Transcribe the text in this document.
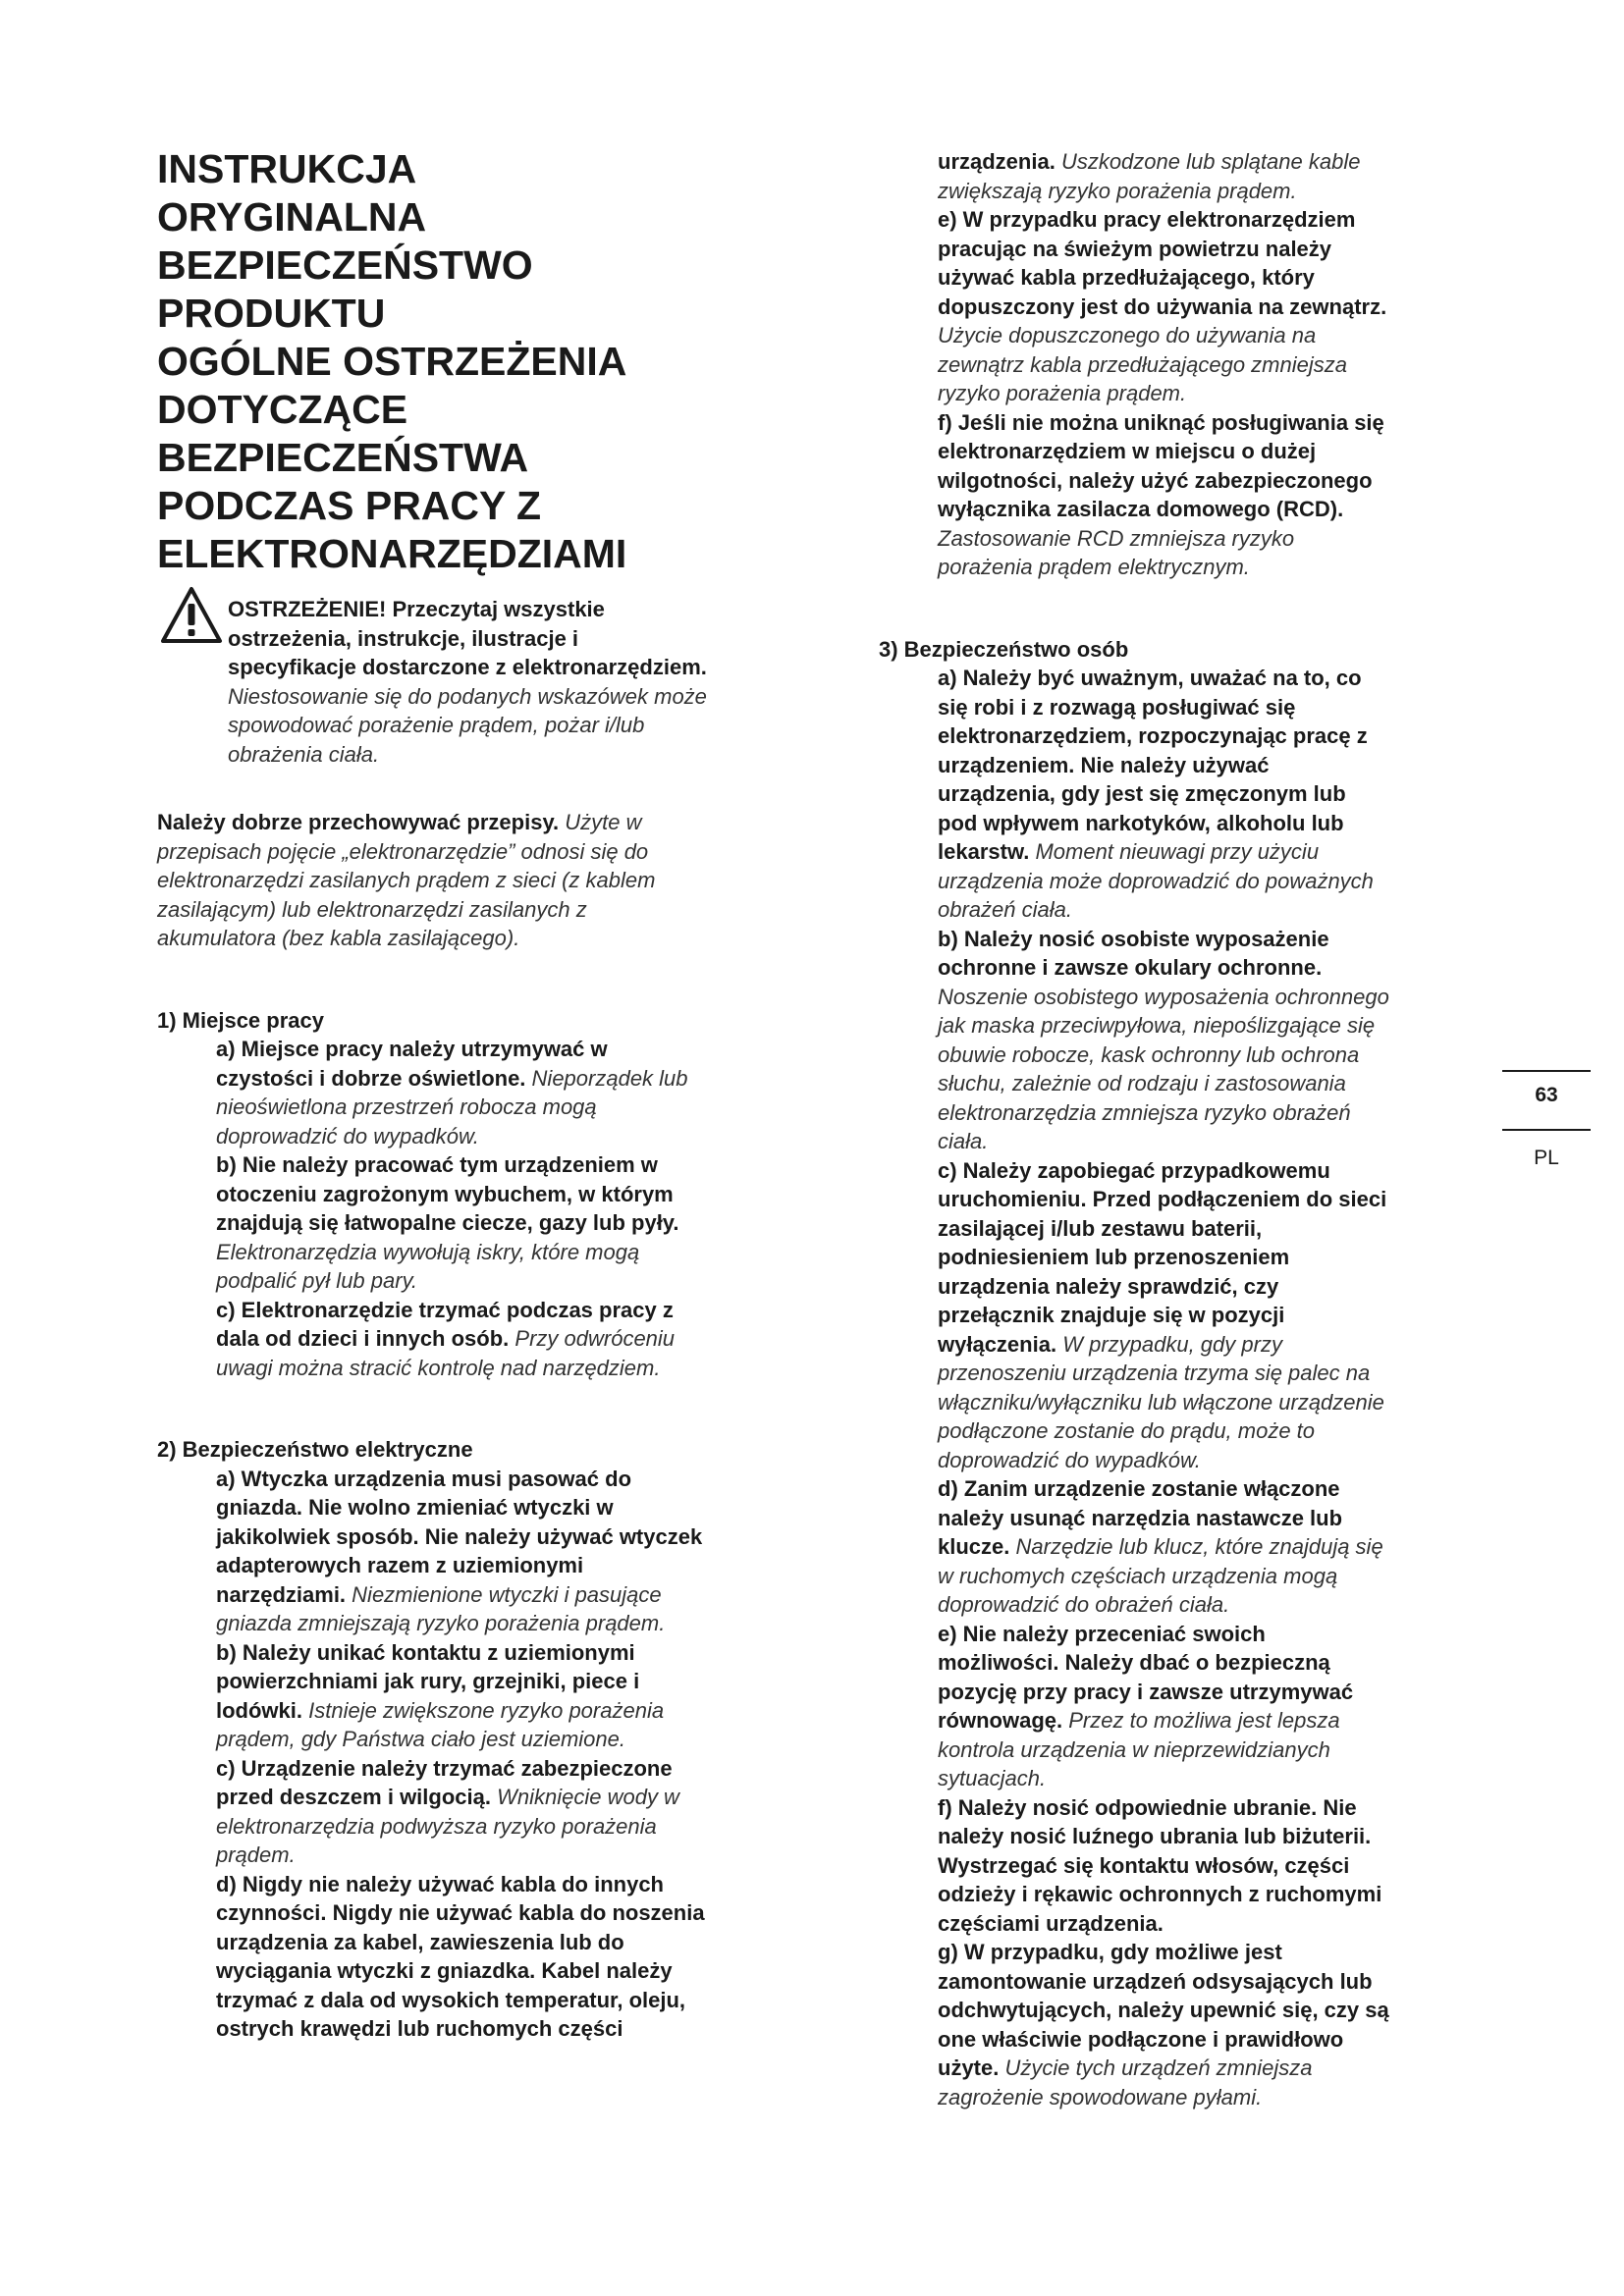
INSTRUKCJA
ORYGINALNA
BEZPIECZEŃSTWO
PRODUKTU
OGÓLNE OSTRZEŻENIA
DOTYCZĄCE
BEZPIECZEŃSTWA
PODCZAS PRACY Z
ELEKTRONARZĘDZIAMI
OSTRZEŻENIE! Przeczytaj wszystkie ostrzeżenia, instrukcje, ilustracje i specyfikacje dostarczone z elektronarzędziem. Niestosowanie się do podanych wskazówek może spowodować porażenie prądem, pożar i/lub obrażenia ciała.
Należy dobrze przechowywać przepisy. Użyte w przepisach pojęcie „elektronarzędzie” odnosi się do elektronarzędzi zasilanych prądem z sieci (z kablem zasilającym) lub elektronarzędzi zasilanych z akumulatora (bez kabla zasilającego).
1) Miejsce pracy
a) Miejsce pracy należy utrzymywać w czystości i dobrze oświetlone. Nieporządek lub nieoświetlona przestrzeń robocza mogą doprowadzić do wypadków.
b) Nie należy pracować tym urządzeniem w otoczeniu zagrożonym wybuchem, w którym znajdują się łatwopalne ciecze, gazy lub pyły. Elektronarzędzia wywołują iskry, które mogą podpalić pył lub pary.
c) Elektronarzędzie trzymać podczas pracy z dala od dzieci i innych osób. Przy odwróceniu uwagi można stracić kontrolę nad narzędziem.
2) Bezpieczeństwo elektryczne
a) Wtyczka urządzenia musi pasować do gniazda. Nie wolno zmieniać wtyczki w jakikolwiek sposób. Nie należy używać wtyczek adapterowych razem z uziemionymi narzędziami. Niezmienione wtyczki i pasujące gniazda zmniejszają ryzyko porażenia prądem.
b) Należy unikać kontaktu z uziemionymi powierzchniami jak rury, grzejniki, piece i lodówki. Istnieje zwiększone ryzyko porażenia prądem, gdy Państwa ciało jest uziemione.
c) Urządzenie należy trzymać zabezpieczone przed deszczem i wilgocią. Wniknięcie wody w elektronarzędzia podwyższa ryzyko porażenia prądem.
d) Nigdy nie należy używać kabla do innych czynności. Nigdy nie używać kabla do noszenia urządzenia za kabel, zawieszenia lub do wyciągania wtyczki z gniazdka. Kabel należy trzymać z dala od wysokich temperatur, oleju, ostrych krawędzi lub ruchomych części
urządzenia. Uszkodzone lub splątane kable zwiększają ryzyko porażenia prądem.
e) W przypadku pracy elektronarzędziem pracując na świeżym powietrzu należy używać kabla przedłużającego, który dopuszczony jest do używania na zewnątrz. Użycie dopuszczonego do używania na zewnątrz kabla przedłużającego zmniejsza ryzyko porażenia prądem.
f) Jeśli nie można uniknąć posługiwania się elektronarzędziem w miejscu o dużej wilgotności, należy użyć zabezpieczonego wyłącznika zasilacza domowego (RCD). Zastosowanie RCD zmniejsza ryzyko porażenia prądem elektrycznym.
3) Bezpieczeństwo osób
a) Należy być uważnym, uważać na to, co się robi i z rozwagą posługiwać się elektronarzędziem, rozpoczynając pracę z urządzeniem. Nie należy używać urządzenia, gdy jest się zmęczonym lub pod wpływem narkotyków, alkoholu lub lekarstw. Moment nieuwagi przy użyciu urządzenia może doprowadzić do poważnych obrażeń ciała.
b) Należy nosić osobiste wyposażenie ochronne i zawsze okulary ochronne. Noszenie osobistego wyposażenia ochronnego jak maska przeciwpyłowa, niepoślizgające się obuwie robocze, kask ochronny lub ochrona słuchu, zależnie od rodzaju i zastosowania elektronarzędzia zmniejsza ryzyko obrażeń ciała.
c) Należy zapobiegać przypadkowemu uruchomieniu. Przed podłączeniem do sieci zasilającej i/lub zestawu baterii, podniesieniem lub przenoszeniem urządzenia należy sprawdzić, czy przełącznik znajduje się w pozycji wyłączenia. W przypadku, gdy przy przenoszeniu urządzenia trzyma się palec na włączniku/wyłączniku lub włączone urządzenie podłączone zostanie do prądu, może to doprowadzić do wypadków.
d) Zanim urządzenie zostanie włączone należy usunąć narzędzia nastawcze lub klucze. Narzędzie lub klucz, które znajdują się w ruchomych częściach urządzenia mogą doprowadzić do obrażeń ciała.
e) Nie należy przeceniać swoich możliwości. Należy dbać o bezpieczną pozycję przy pracy i zawsze utrzymywać równowagę. Przez to możliwa jest lepsza kontrola urządzenia w nieprzewidzianych sytuacjach.
f) Należy nosić odpowiednie ubranie. Nie należy nosić luźnego ubrania lub biżuterii. Wystrzegać się kontaktu włosów, części odzieży i rękawic ochronnych z ruchomymi częściami urządzenia.
g) W przypadku, gdy możliwe jest zamontowanie urządzeń odsysających lub odchwytujących, należy upewnić się, czy są one właściwie podłączone i prawidłowo użyte. Użycie tych urządzeń zmniejsza zagrożenie spowodowane pyłami.
63
PL
